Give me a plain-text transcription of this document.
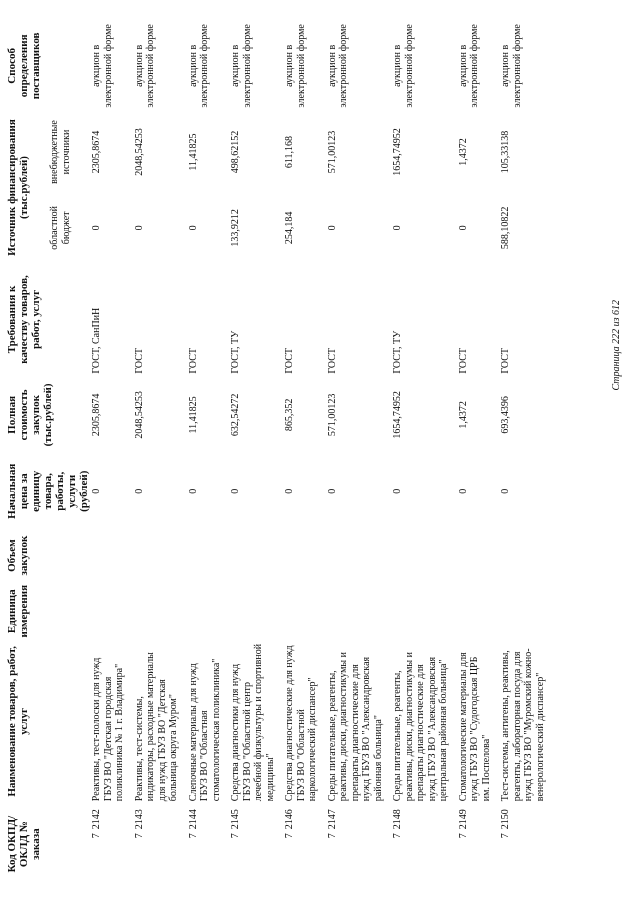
Код ОКПД/ ОКЛД № заказа	Наименование товаров, работ, услуг	Единица измерения	Объем закупок	Начальная цена за единицу товара, работы, услуги (рублей)	Полная стоимость закупок (тыс.рублей)	Требования к качеству товаров, работ, услуг	Источник финансирования (тыс.рублей)		Способ определения поставщиков
							областной бюджет	внебюджетные источники	
72142	Реактивы, тест-полоски для нужд ГБУЗ ВО "Детская городская поликлиника № 1 г. Владимира"			0	2305,8674	ГОСТ, СанПиН	0	2305,8674	аукцион в электронной форме
72143	Реактивы, тест-системы, индикаторы, расходные материалы для нужд ГБУЗ ВО "Детская больница округа Муром"			0	2048,54253	ГОСТ	0	2048,54253	аукцион в электронной форме
72144	Слепочные материалы для нужд ГБУЗ ВО "Областная стоматологическая поликлиника"			0	11,41825	ГОСТ	0	11,41825	аукцион в электронной форме
72145	Средства диагностики для нужд ГБУЗ ВО "Областной центр лечебной физкультуры и спортивной медицины"			0	632,54272	ГОСТ, ТУ	133,9212	498,62152	аукцион в электронной форме
72146	Средства диагностические для нужд ГБУЗ ВО "Областной наркологический диспансер"			0	865,352	ГОСТ	254,184	611,168	аукцион в электронной форме
72147	Среды питательные, реагенты, реактивы, диски, диагностикумы и препараты диагностические для нужд ГБУЗ ВО "Александровская районная больница"			0	571,00123	ГОСТ	0	571,00123	аукцион в электронной форме
72148	Среды питательные, реагенты, реактивы, диски, диагностикумы и препараты диагностические для нужд ГБУЗ ВО "Александровская центральная районная больница"			0	1654,74952	ГОСТ, ТУ	0	1654,74952	аукцион в электронной форме
72149	Стоматологические материалы для нужд ГБУЗ ВО "Судогодская ЦРБ им. Поспелова"			0	1,4372	ГОСТ	0	1,4372	аукцион в электронной форме
72150	Тест-системы, антигены, реактивы, реагенты, лабораторная посуда для нужд ГБУЗ ВО "Муромский кожно-венерологический диспансер"			0	693,4396	ГОСТ	588,10822	105,33138	аукцион в электронной форме
Страница 222 из 612
